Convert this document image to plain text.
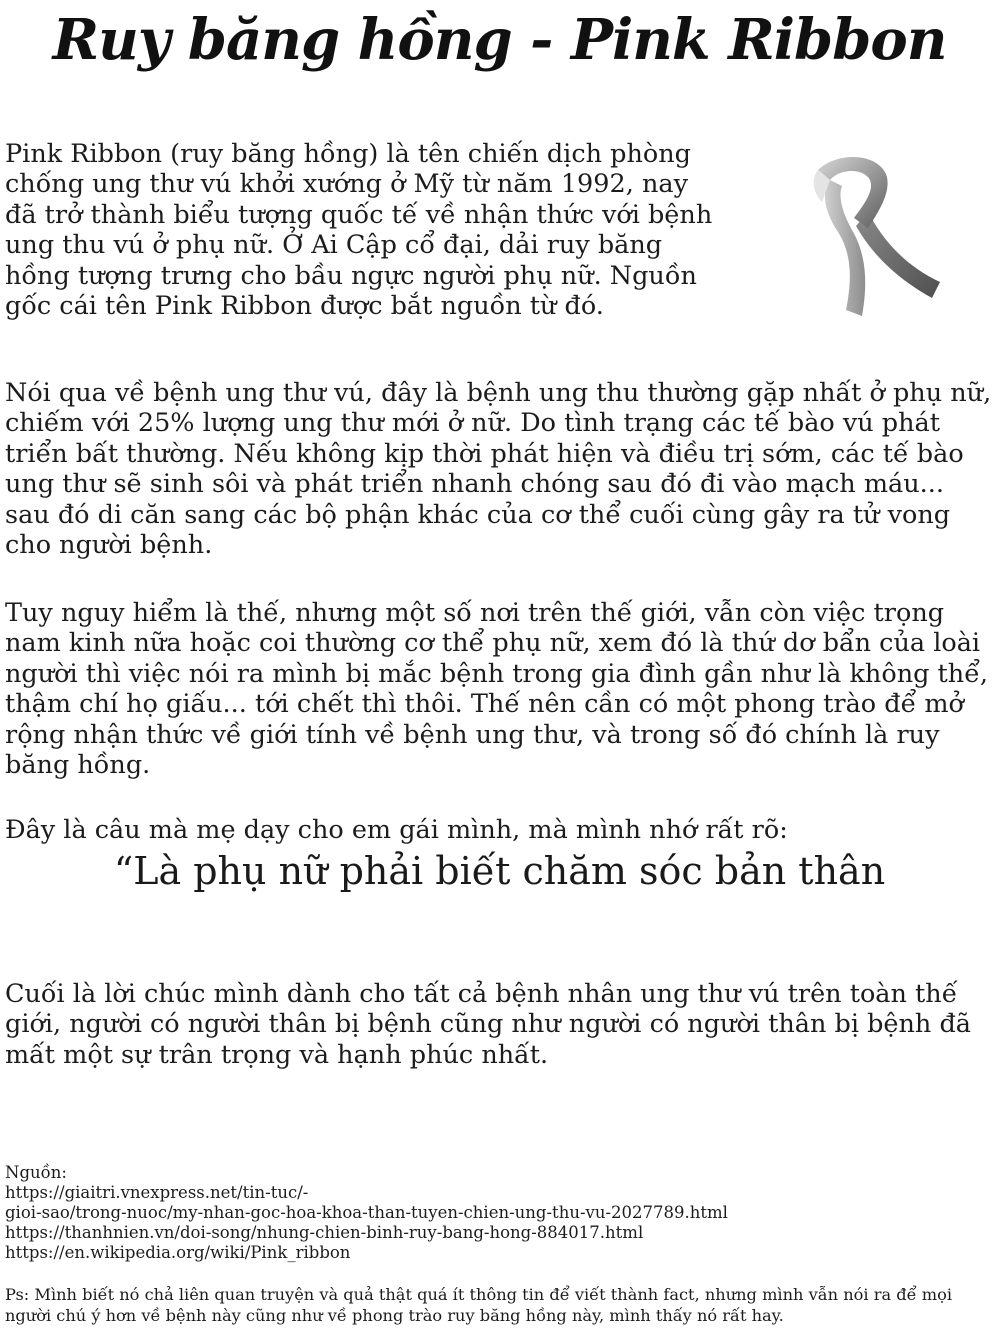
Ruy băng hồng - Pink Ribbon

Pink Ribbon (ruy băng hồng) là tên chiến dịch phòng chống ung thư vú khởi xướng ở Mỹ từ năm 1992, nay đã trở thành biểu tượng quốc tế về nhận thức với bệnh ung thu vú ở phụ nữ. Ở Ai Cập cổ đại, dải ruy băng hồng tượng trưng cho bầu ngực người phụ nữ. Nguồn gốc cái tên Pink Ribbon được bắt nguồn từ đó.

Nói qua về bệnh ung thư vú, đây là bệnh ung thu thường gặp nhất ở phụ nữ, chiếm với 25% lượng ung thư mới ở nữ. Do tình trạng các tế bào vú phát triển bất thường. Nếu không kịp thời phát hiện và điều trị sớm, các tế bào ung thư sẽ sinh sôi và phát triển nhanh chóng sau đó đi vào mạch máu... sau đó di căn sang các bộ phận khác của cơ thể cuối cùng gây ra tử vong cho người bệnh.

Tuy nguy hiểm là thế, nhưng một số nơi trên thế giới, vẫn còn việc trọng nam kinh nữa hoặc coi thường cơ thể phụ nữ, xem đó là thứ dơ bẩn của loài người thì việc nói ra mình bị mắc bệnh trong gia đình gần như là không thể, thậm chí họ giấu... tới chết thì thôi. Thế nên cần có một phong trào để mở rộng nhận thức về giới tính về bệnh ung thư, và trong số đó chính là ruy băng hồng.

Đây là câu mà mẹ dạy cho em gái mình, mà mình nhớ rất rõ:

“Là phụ nữ phải biết chăm sóc bản thân

Cuối là lời chúc mình dành cho tất cả bệnh nhân ung thư vú trên toàn thế giới, người có người thân bị bệnh cũng như người có người thân bị bệnh đã mất một sự trân trọng và hạnh phúc nhất.

Nguồn:
https://giaitri.vnexpress.net/tin-tuc/-
gioi-sao/trong-nuoc/my-nhan-goc-hoa-khoa-than-tuyen-chien-ung-thu-vu-2027789.html
https://thanhnien.vn/doi-song/nhung-chien-binh-ruy-bang-hong-884017.html
https://en.wikipedia.org/wiki/Pink_ribbon

Ps: Mình biết nó chả liên quan truyện và quả thật quá ít thông tin để viết thành fact, nhưng mình vẫn nói ra để mọi người chú ý hơn về bệnh này cũng như về phong trào ruy băng hồng này, mình thấy nó rất hay.
